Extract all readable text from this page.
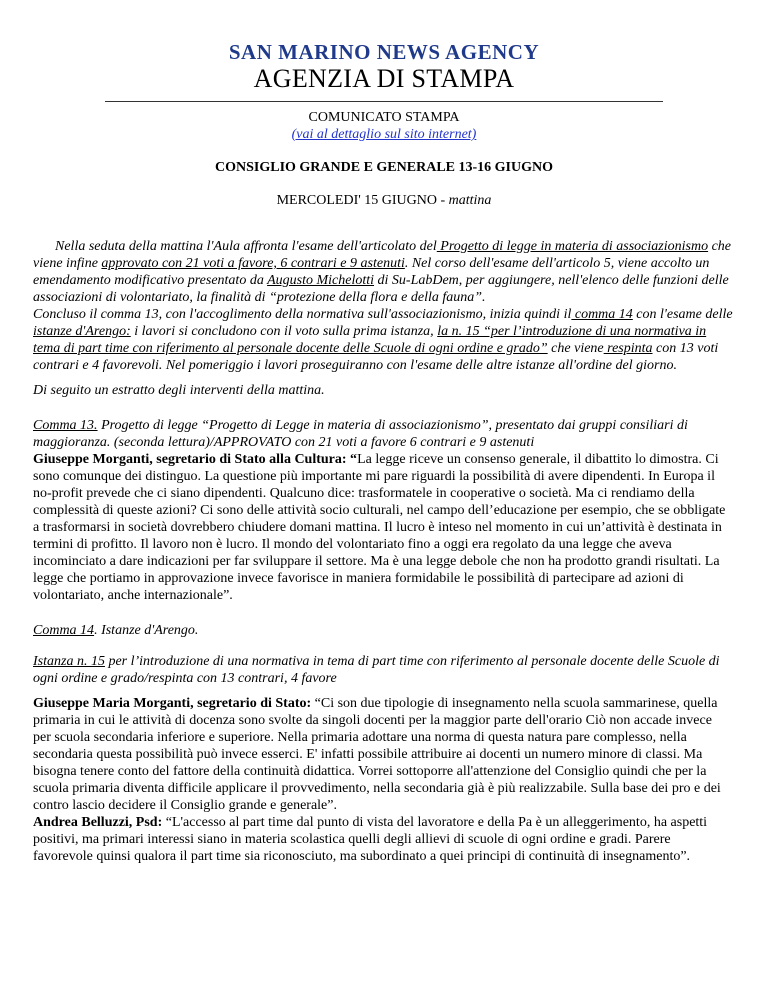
SAN MARINO NEWS AGENCY
AGENZIA DI STAMPA
COMUNICATO STAMPA
(vai al dettaglio sul sito internet)
CONSIGLIO GRANDE E GENERALE 13-16 GIUGNO
MERCOLEDI' 15 GIUGNO - mattina

Nella seduta della mattina l'Aula affronta l'esame dell'articolato del Progetto di legge in materia di associazionismo che viene infine approvato con 21 voti a favore, 6 contrari e 9 astenuti. Nel corso dell'esame dell'articolo 5, viene accolto un emendamento modificativo presentato da Augusto Michelotti di Su-LabDem, per aggiungere, nell'elenco delle funzioni delle associazioni di volontariato, la finalità di “protezione della flora e della fauna”.

Concluso il comma 13, con l'accoglimento della normativa sull'associazionismo, inizia quindi il comma 14 con l'esame delle istanze d'Arengo: i lavori si concludono con il voto sulla prima istanza, la n. 15 “per l’introduzione di una normativa in tema di part time con riferimento al personale docente delle Scuole di ogni ordine e grado” che viene respinta con 13 voti contrari e 4 favorevoli. Nel pomeriggio i lavori proseguiranno con l'esame delle altre istanze all'ordine del giorno.

Di seguito un estratto degli interventi della mattina.

Comma 13. Progetto di legge “Progetto di Legge in materia di associazionismo”, presentato dai gruppi consiliari di maggioranza. (seconda lettura)/APPROVATO con 21 voti a favore 6 contrari e 9 astenuti

Giuseppe Morganti, segretario di Stato alla Cultura: “La legge riceve un consenso generale, il dibattito lo dimostra. Ci sono comunque dei distinguo. La questione più importante mi pare riguardi la possibilità di avere dipendenti. In Europa il no-profit prevede che ci siano dipendenti. Qualcuno dice: trasformatele in cooperative o società. Ma ci rendiamo della complessità di queste azioni? Ci sono delle attività socio culturali, nel campo dell’educazione per esempio, che se obbligate a trasformarsi in società dovrebbero chiudere domani mattina. Il lucro è inteso nel momento in cui un’attività è destinata in termini di profitto. Il lavoro non è lucro. Il mondo del volontariato fino a oggi era regolato da una legge che aveva incominciato a dare indicazioni per far sviluppare il settore. Ma è una legge debole che non ha prodotto grandi risultati. La legge che portiamo in approvazione invece favorisce in maniera formidabile le possibilità di partecipare ad azioni di volontariato, anche internazionale”.

Comma 14. Istanze d'Arengo.

Istanza n. 15 per l’introduzione di una normativa in tema di part time con riferimento al personale docente delle Scuole di ogni ordine e grado/respinta con 13 contrari, 4 favore

Giuseppe Maria Morganti, segretario di Stato: “Ci son due tipologie di insegnamento nella scuola sammarinese, quella primaria in cui le attività di docenza sono svolte da singoli docenti per la maggior parte dell'orario Ciò non accade invece per scuola secondaria inferiore e superiore. Nella primaria adottare una norma di questa natura pare complesso, nella secondaria questa possibilità può invece esserci. E' infatti possibile attribuire ai docenti un numero minore di classi. Ma bisogna tenere conto del fattore della continuità didattica. Vorrei sottoporre all'attenzione del Consiglio quindi che per la scuola primaria diventa difficile applicare il provvedimento, nella secondaria già è più realizzabile. Sulla base dei pro e dei contro lascio decidere il Consiglio grande e generale”.

Andrea Belluzzi, Psd: “L'accesso al part time dal punto di vista del lavoratore e della Pa è un alleggerimento, ha aspetti positivi, ma primari interessi siano in materia scolastica quelli degli allievi di scuole di ogni ordine e gradi. Parere favorevole quinsi qualora il part time sia riconosciuto, ma subordinato a quei principi di continuità di insegnamento”.
